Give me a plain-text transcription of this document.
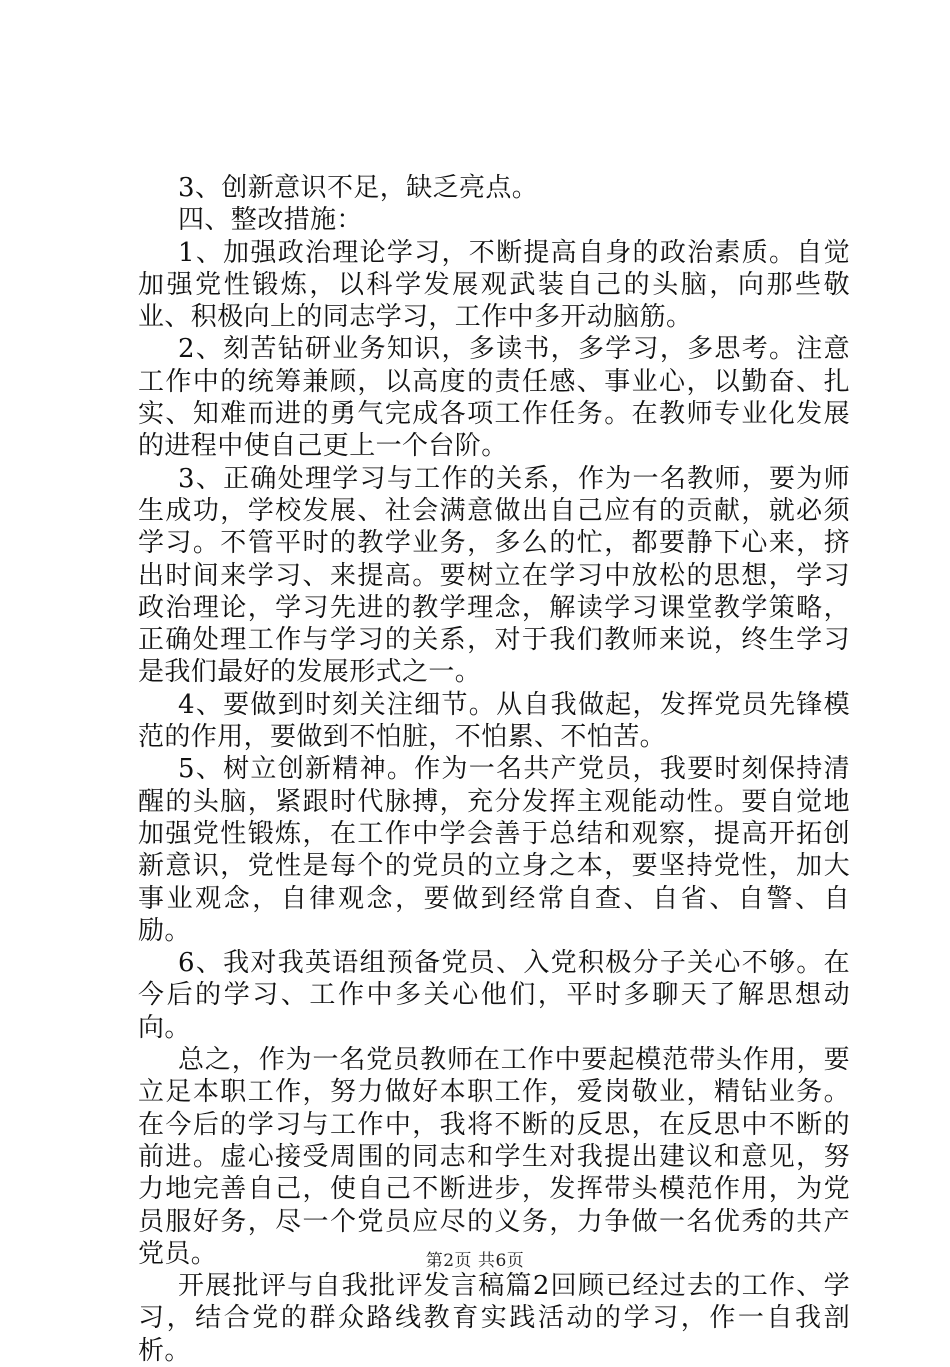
3、创新意识不足，缺乏亮点。

四、整改措施：

1、加强政治理论学习，不断提高自身的政治素质。自觉加强党性锻炼，以科学发展观武装自己的头脑，向那些敬业、积极向上的同志学习，工作中多开动脑筋。

2、刻苦钻研业务知识，多读书，多学习，多思考。注意工作中的统筹兼顾，以高度的责任感、事业心，以勤奋、扎实、知难而进的勇气完成各项工作任务。在教师专业化发展的进程中使自己更上一个台阶。

3、正确处理学习与工作的关系，作为一名教师，要为师生成功，学校发展、社会满意做出自己应有的贡献，就必须学习。不管平时的教学业务，多么的忙，都要静下心来，挤出时间来学习、来提高。要树立在学习中放松的思想，学习政治理论，学习先进的教学理念，解读学习课堂教学策略，正确处理工作与学习的关系，对于我们教师来说，终生学习是我们最好的发展形式之一。

4、要做到时刻关注细节。从自我做起，发挥党员先锋模范的作用，要做到不怕脏，不怕累、不怕苦。

5、树立创新精神。作为一名共产党员，我要时刻保持清醒的头脑，紧跟时代脉搏，充分发挥主观能动性。要自觉地加强党性锻炼，在工作中学会善于总结和观察，提高开拓创新意识，党性是每个的党员的立身之本，要坚持党性，加大事业观念，自律观念，要做到经常自查、自省、自警、自励。

6、我对我英语组预备党员、入党积极分子关心不够。在今后的学习、工作中多关心他们，平时多聊天了解思想动向。

总之，作为一名党员教师在工作中要起模范带头作用，要立足本职工作，努力做好本职工作，爱岗敬业，精钻业务。在今后的学习与工作中，我将不断的反思，在反思中不断的前进。虚心接受周围的同志和学生对我提出建议和意见，努力地完善自己，使自己不断进步，发挥带头模范作用，为党员服好务，尽一个党员应尽的义务，力争做一名优秀的共产党员。

开展批评与自我批评发言稿篇2回顾已经过去的工作、学习，结合党的群众路线教育实践活动的学习，作一自我剖析。

第2页 共6页
